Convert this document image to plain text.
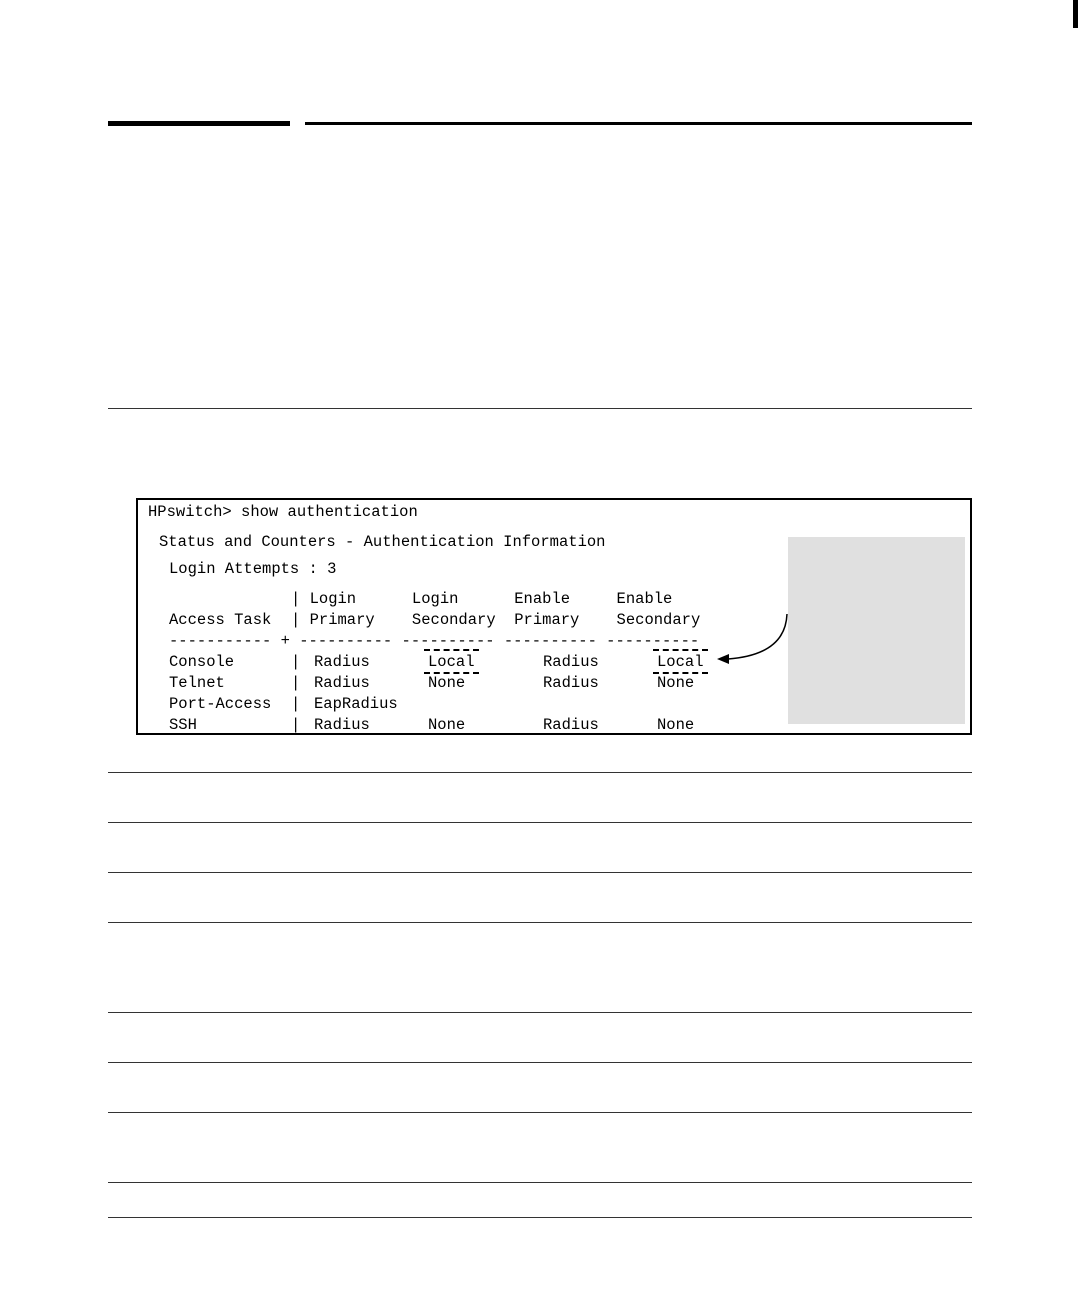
HPswitch> show authentication
Status and Counters - Authentication Information
Login Attempts : 3
| Login      Login      Enable     Enable
Access Task | Primary    Secondary  Primary    Secondary
----------- + ---------- ---------- ---------- ----------
Console	| Radius	Local	Radius	Local
Telnet	| Radius	None	Radius	None
Port-Access | EapRadius
SSH	| Radius	None	Radius	None
